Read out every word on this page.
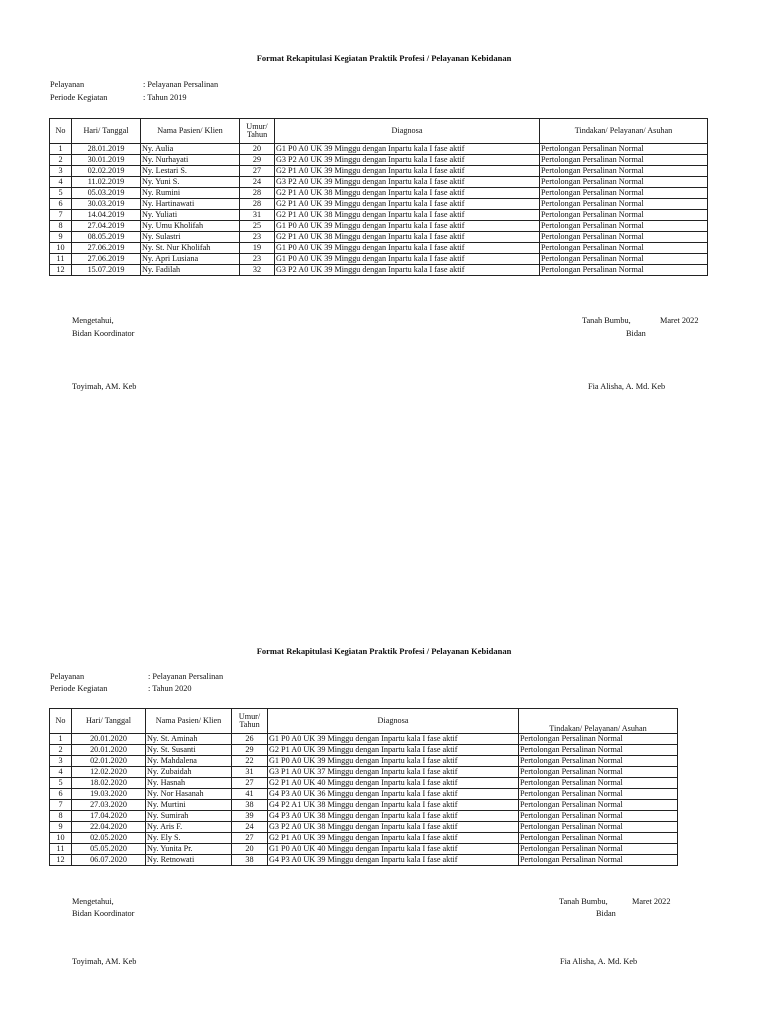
Format Rekapitulasi Kegiatan Praktik Profesi / Pelayanan Kebidanan
Pelayanan	: Pelayanan Persalinan
Periode Kegiatan	: Tahun 2019
No	Hari/ Tanggal	Nama Pasien/ Klien	Umur/ Tahun	Diagnosa	Tindakan/ Pelayanan/ Asuhan
1	28.01.2019	Ny. Aulia	20	G1 P0 A0 UK 39 Minggu dengan Inpartu kala I fase aktif	Pertolongan Persalinan Normal
2	30.01.2019	Ny. Nurhayati	29	G3 P2 A0 UK 39 Minggu dengan Inpartu kala I fase aktif	Pertolongan Persalinan Normal
3	02.02.2019	Ny. Lestari S.	27	G2 P1 A0 UK 39 Minggu dengan Inpartu kala I fase aktif	Pertolongan Persalinan Normal
4	11.02.2019	Ny. Yuni S.	24	G3 P2 A0 UK 39 Minggu dengan Inpartu kala I fase aktif	Pertolongan Persalinan Normal
5	05.03.2019	Ny. Rumini	28	G2 P1 A0 UK 38 Minggu dengan Inpartu kala I fase aktif	Pertolongan Persalinan Normal
6	30.03.2019	Ny. Hartinawati	28	G2 P1 A0 UK 39 Minggu dengan Inpartu kala I fase aktif	Pertolongan Persalinan Normal
7	14.04.2019	Ny. Yuliati	31	G2 P1 A0 UK 38 Minggu dengan Inpartu kala I fase aktif	Pertolongan Persalinan Normal
8	27.04.2019	Ny. Umu Kholifah	25	G1 P0 A0 UK 39 Minggu dengan Inpartu kala I fase aktif	Pertolongan Persalinan Normal
9	08.05.2019	Ny. Sulastri	23	G2 P1 A0 UK 38 Minggu dengan Inpartu kala I fase aktif	Pertolongan Persalinan Normal
10	27.06.2019	Ny. St. Nur Kholifah	19	G1 P0 A0 UK 39 Minggu dengan Inpartu kala I fase aktif	Pertolongan Persalinan Normal
11	27.06.2019	Ny. Apri Lusiana	23	G1 P0 A0 UK 39 Minggu dengan Inpartu kala I fase aktif	Pertolongan Persalinan Normal
12	15.07.2019	Ny. Fadilah	32	G3 P2 A0 UK 39 Minggu dengan Inpartu kala I fase aktif	Pertolongan Persalinan Normal
Mengetahui,
Bidan Koordinator
Toyimah, AM. Keb
Tanah Bumbu,	Maret 2022
Bidan
Fia Alisha, A. Md. Keb
Format Rekapitulasi Kegiatan Praktik Profesi / Pelayanan Kebidanan
Pelayanan	: Pelayanan Persalinan
Periode Kegiatan	: Tahun 2020
No	Hari/ Tanggal	Nama Pasien/ Klien	Umur/ Tahun	Diagnosa	Tindakan/ Pelayanan/ Asuhan
1	20.01.2020	Ny. St. Aminah	26	G1 P0 A0 UK 39 Minggu dengan Inpartu kala I fase aktif	Pertolongan Persalinan Normal
2	20.01.2020	Ny. St. Susanti	29	G2 P1 A0 UK 39 Minggu dengan Inpartu kala I fase aktif	Pertolongan Persalinan Normal
3	02.01.2020	Ny. Mahdalena	22	G1 P0 A0 UK 39 Minggu dengan Inpartu kala I fase aktif	Pertolongan Persalinan Normal
4	12.02.2020	Ny. Zubaidah	31	G3 P1 A0 UK 37 Minggu dengan Inpartu kala I fase aktif	Pertolongan Persalinan Normal
5	18.02.2020	Ny. Hasnah	27	G2 P1 A0 UK 40 Minggu dengan Inpartu kala I fase aktif	Pertolongan Persalinan Normal
6	19.03.2020	Ny. Nor Hasanah	41	G4 P3 A0 UK 36 Minggu dengan Inpartu kala I fase aktif	Pertolongan Persalinan Normal
7	27.03.2020	Ny. Murtini	38	G4 P2 A1 UK 38 Minggu dengan Inpartu kala I fase aktif	Pertolongan Persalinan Normal
8	17.04.2020	Ny. Sumirah	39	G4 P3 A0 UK 38 Minggu dengan Inpartu kala I fase aktif	Pertolongan Persalinan Normal
9	22.04.2020	Ny. Aris F.	24	G3 P2 A0 UK 38 Minggu dengan Inpartu kala I fase aktif	Pertolongan Persalinan Normal
10	02.05.2020	Ny. Ely S.	27	G2 P1 A0 UK 39 Minggu dengan Inpartu kala I fase aktif	Pertolongan Persalinan Normal
11	05.05.2020	Ny. Yunita Pr.	20	G1 P0 A0 UK 40 Minggu dengan Inpartu kala I fase aktif	Pertolongan Persalinan Normal
12	06.07.2020	Ny. Retnowati	38	G4 P3 A0 UK 39 Minggu dengan Inpartu kala I fase aktif	Pertolongan Persalinan Normal
Mengetahui,
Bidan Koordinator
Toyimah, AM. Keb
Tanah Bumbu,	Maret 2022
Bidan
Fia Alisha, A. Md. Keb
